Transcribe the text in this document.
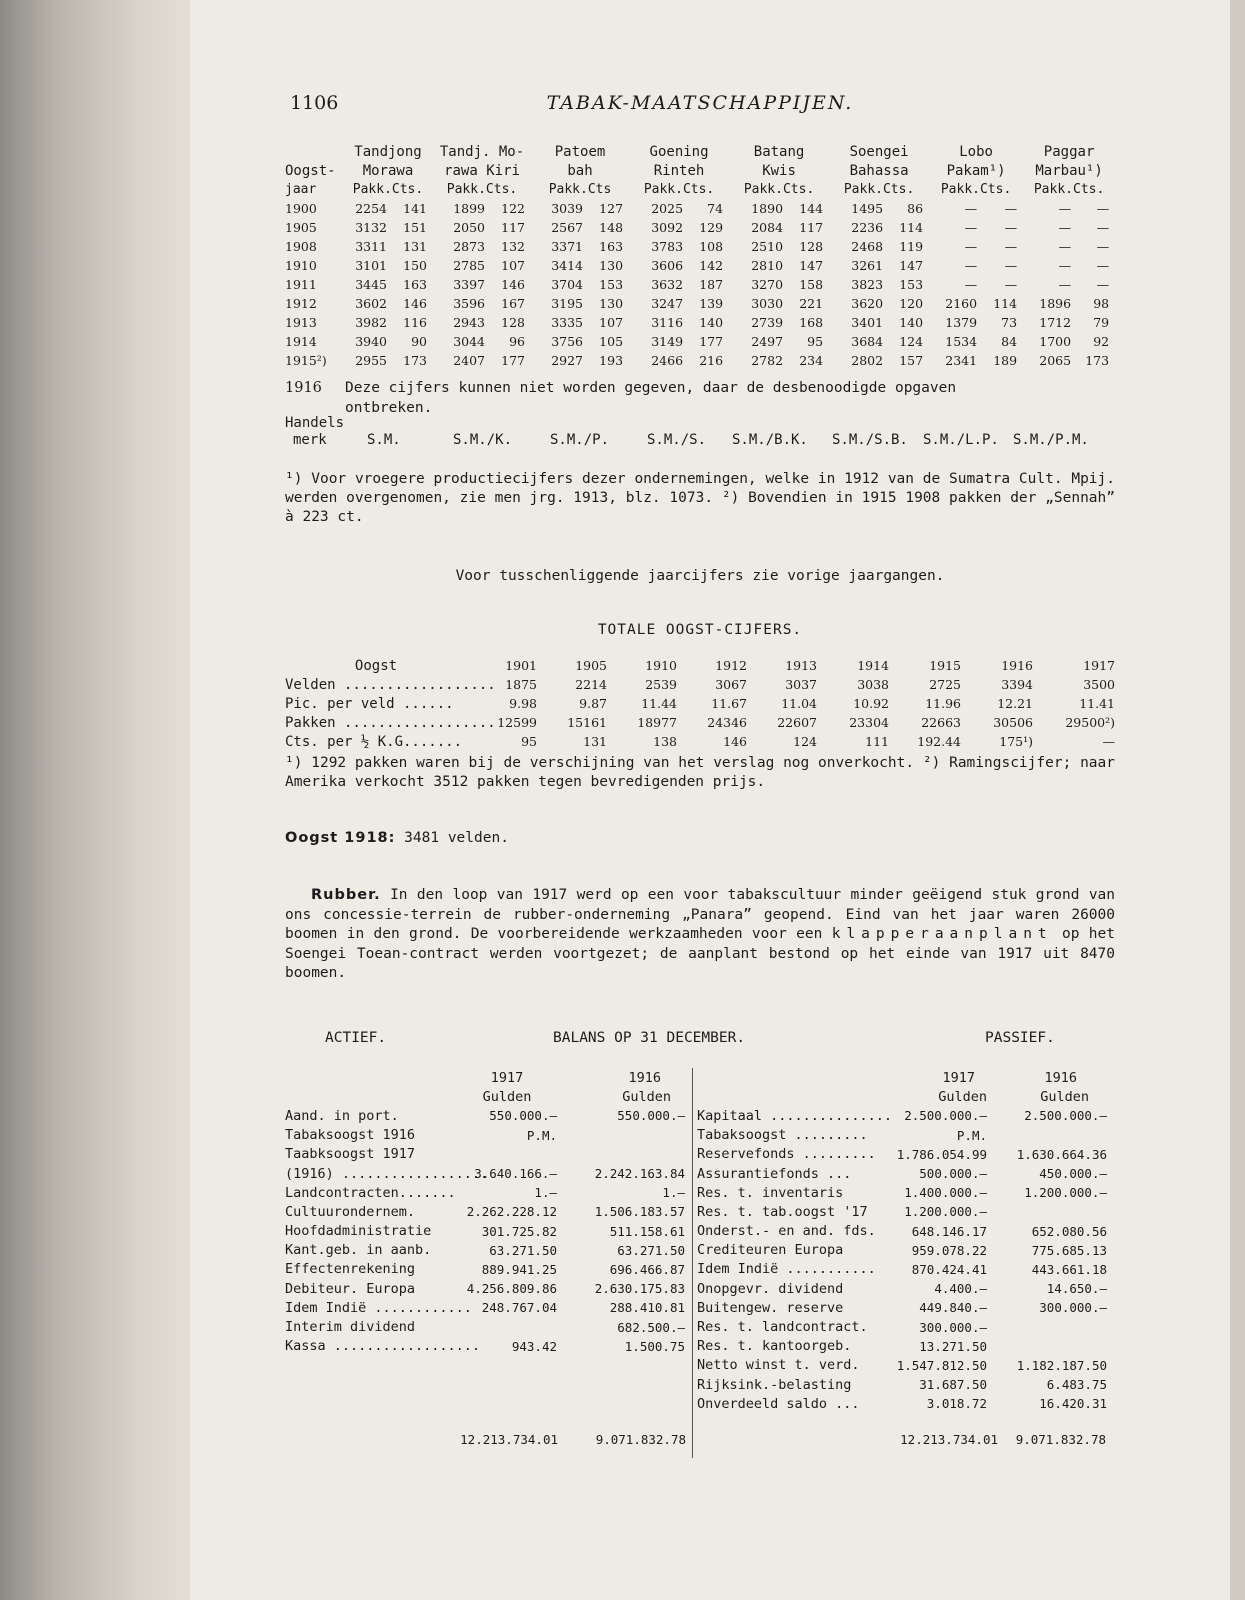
1106	TABAK-MAATSCHAPPIJEN.
	Tandjong		Tandj. Mo-		Patoem		Goening		Batang		Soengei		Lobo		Paggar	
Oogst-	Morawa		rawa Kiri		bah		Rinteh		Kwis		Bahassa		Pakam¹)		Marbau¹)	
jaar	Pakk.Cts.		Pakk.Cts.		Pakk.Cts		Pakk.Cts.		Pakk.Cts.		Pakk.Cts.		Pakk.Cts.		Pakk.Cts.	
1900	2254	141	1899	122	3039	127	2025	74	1890	144	1495	86	—	—	—	—
1905	3132	151	2050	117	2567	148	3092	129	2084	117	2236	114	—	—	—	—
1908	3311	131	2873	132	3371	163	3783	108	2510	128	2468	119	—	—	—	—
1910	3101	150	2785	107	3414	130	3606	142	2810	147	3261	147	—	—	—	—
1911	3445	163	3397	146	3704	153	3632	187	3270	158	3823	153	—	—	—	—
1912	3602	146	3596	167	3195	130	3247	139	3030	221	3620	120	2160	114	1896	98
1913	3982	116	2943	128	3335	107	3116	140	2739	168	3401	140	1379	73	1712	79
1914	3940	90	3044	96	3756	105	3149	177	2497	95	3684	124	1534	84	1700	92
1915²)	2955	173	2407	177	2927	193	2466	216	2782	234	2802	157	2341	189	2065	173
1916 Deze cijfers kunnen niet worden gegeven, daar de desbenoodigde opgaven
ontbreken.
Handels
merk	S.M.	S.M./K.	S.M./P.	S.M./S. S.M./B.K. S.M./S.B. S.M./L.P. S.M./P.M.
¹) Voor vroegere productiecijfers dezer ondernemingen, welke in 1912 van de Sumatra Cult. Mpij. werden overgenomen, zie men jrg. 1913, blz. 1073. ²) Bovendien in 1915 1908 pakken der „Sennah” à 223 ct.
Voor tusschenliggende jaarcijfers zie vorige jaargangen.
TOTALE OOGST-CIJFERS.
Oogst	1901	1905	1910	1912	1913	1914	1915	1916	1917
Velden ..................	1875	2214	2539	3067	3037	3038	2725	3394	3500
Pic. per veld ......	9.98	9.87	11.44	11.67	11.04	10.92	11.96	12.21	11.41
Pakken ..................	12599	15161	18977	24346	22607	23304	22663	30506	29500²)
Cts. per ½ K.G.......	95	131	138	146	124	111	192.44	175¹)	—
¹) 1292 pakken waren bij de verschijning van het verslag nog onverkocht. ²) Ramingscijfer; naar Amerika verkocht 3512 pakken tegen bevredigenden prijs.
Oogst 1918: 3481 velden.
Rubber. In den loop van 1917 werd op een voor tabakscultuur minder geëigend stuk grond van ons concessie-terrein de rubber-onderneming „Panara” geopend. Eind van het jaar waren 26000 boomen in den grond. De voorbereidende werkzaamheden voor een klapperaanplant op het Soengei Toean-contract werden voortgezet; de aanplant bestond op het einde van 1917 uit 8470 boomen.
ACTIEF.	BALANS OP 31 DECEMBER.	PASSIEF.
	1917	1916
	Gulden	Gulden
Aand. in port.	550.000.—	550.000.—
Tabaksoogst 1916	P.M.	
Taabksoogst 1917		
(1916) ..................	3.640.166.—	2.242.163.84
Landcontracten.......	1.—	1.—
Cultuurondernem.	2.262.228.12	1.506.183.57
Hoofdadministratie	301.725.82	511.158.61
Kant.geb. in aanb.	63.271.50	63.271.50
Effectenrekening	889.941.25	696.466.87
Debiteur. Europa	4.256.809.86	2.630.175.83
Idem Indië ............	248.767.04	288.410.81
Interim dividend		682.500.—
Kassa ..................	943.42	1.500.75
	1917	1916
	Gulden	Gulden
Kapitaal ...............	2.500.000.—	2.500.000.—
Tabaksoogst .........	P.M.	
Reservefonds .........	1.786.054.99	1.630.664.36
Assurantiefonds ...	500.000.—	450.000.—
Res. t. inventaris	1.400.000.—	1.200.000.—
Res. t. tab.oogst '17	1.200.000.—	
Onderst.- en and. fds.	648.146.17	652.080.56
Crediteuren Europa	959.078.22	775.685.13
Idem Indië ...........	870.424.41	443.661.18
Onopgevr. dividend	4.400.—	14.650.—
Buitengew. reserve	449.840.—	300.000.—
Res. t. landcontract.	300.000.—	
Res. t. kantoorgeb.	13.271.50	
Netto winst t. verd.	1.547.812.50	1.182.187.50
Rijksink.-belasting	31.687.50	6.483.75
Onverdeeld saldo ...	3.018.72	16.420.31
12.213.734.01	9.071.832.78	12.213.734.01	9.071.832.78
